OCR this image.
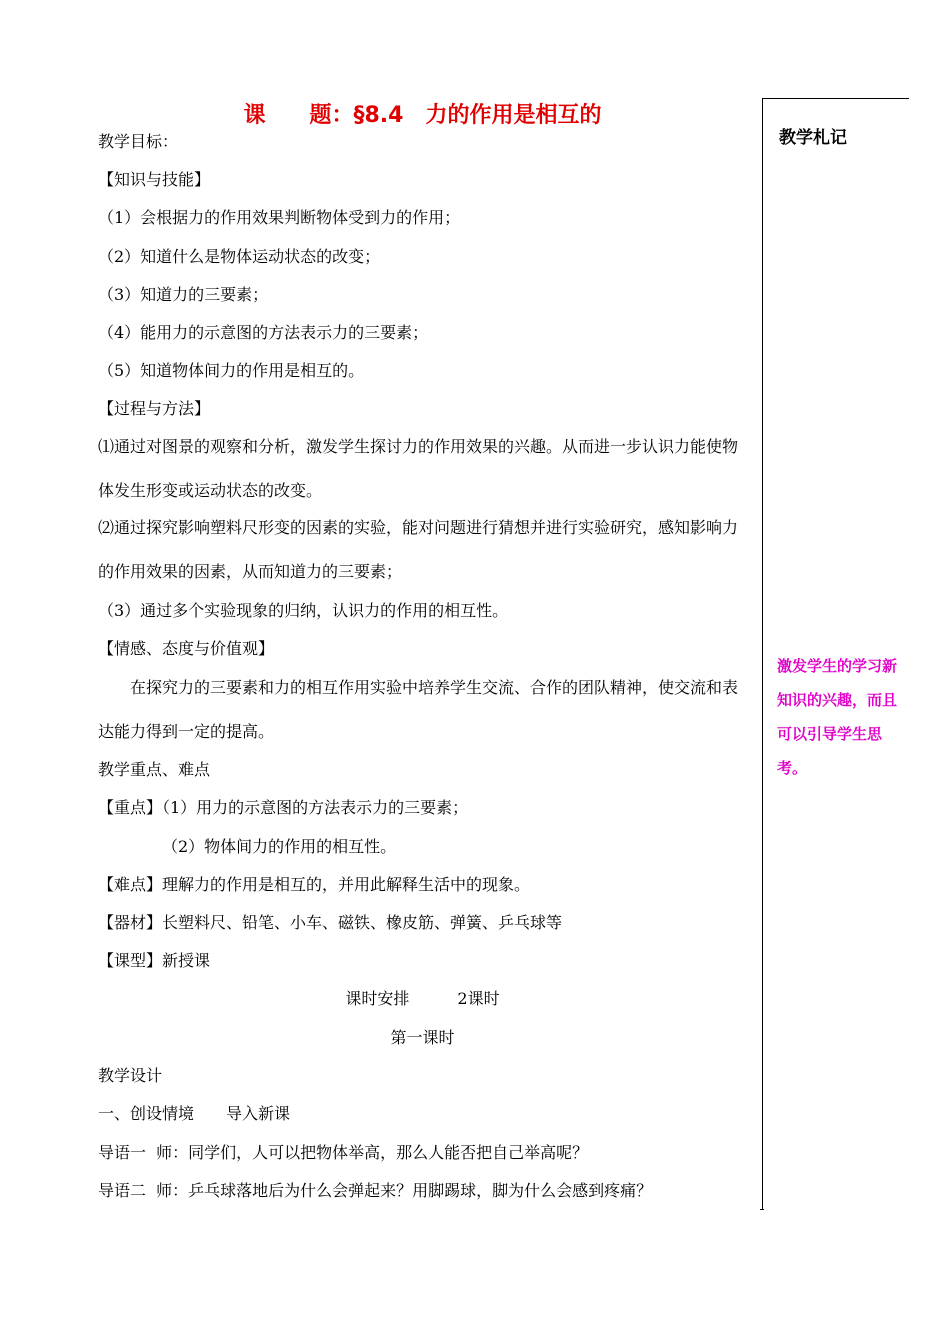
课　　题：§8.4　力的作用是相互的
教学目标：
【知识与技能】
（1）会根据力的作用效果判断物体受到力的作用；
（2）知道什么是物体运动状态的改变；
（3）知道力的三要素；
（4）能用力的示意图的方法表示力的三要素；
（5）知道物体间力的作用是相互的。
【过程与方法】
⑴通过对图景的观察和分析，激发学生探讨力的作用效果的兴趣。从而进一步认识力能使物体发生形变或运动状态的改变。
⑵通过探究影响塑料尺形变的因素的实验，能对问题进行猜想并进行实验研究，感知影响力的作用效果的因素，从而知道力的三要素；
（3）通过多个实验现象的归纳，认识力的作用的相互性。
【情感、态度与价值观】
　　在探究力的三要素和力的相互作用实验中培养学生交流、合作的团队精神，使交流和表达能力得到一定的提高。
教学重点、难点
【重点】（1）用力的示意图的方法表示力的三要素；
（2）物体间力的作用的相互性。
【难点】理解力的作用是相互的，并用此解释生活中的现象。
【器材】长塑料尺、铅笔、小车、磁铁、橡皮筋、弹簧、乒乓球等
【课型】新授课
课时安排　　　2课时
第一课时
教学设计
一、创设情境　　导入新课
导语一  师：同学们，人可以把物体举高，那么人能否把自己举高呢？
导语二  师：乒乓球落地后为什么会弹起来？用脚踢球，脚为什么会感到疼痛？
教学札记
激发学生的学习新知识的兴趣，而且可以引导学生思考。
